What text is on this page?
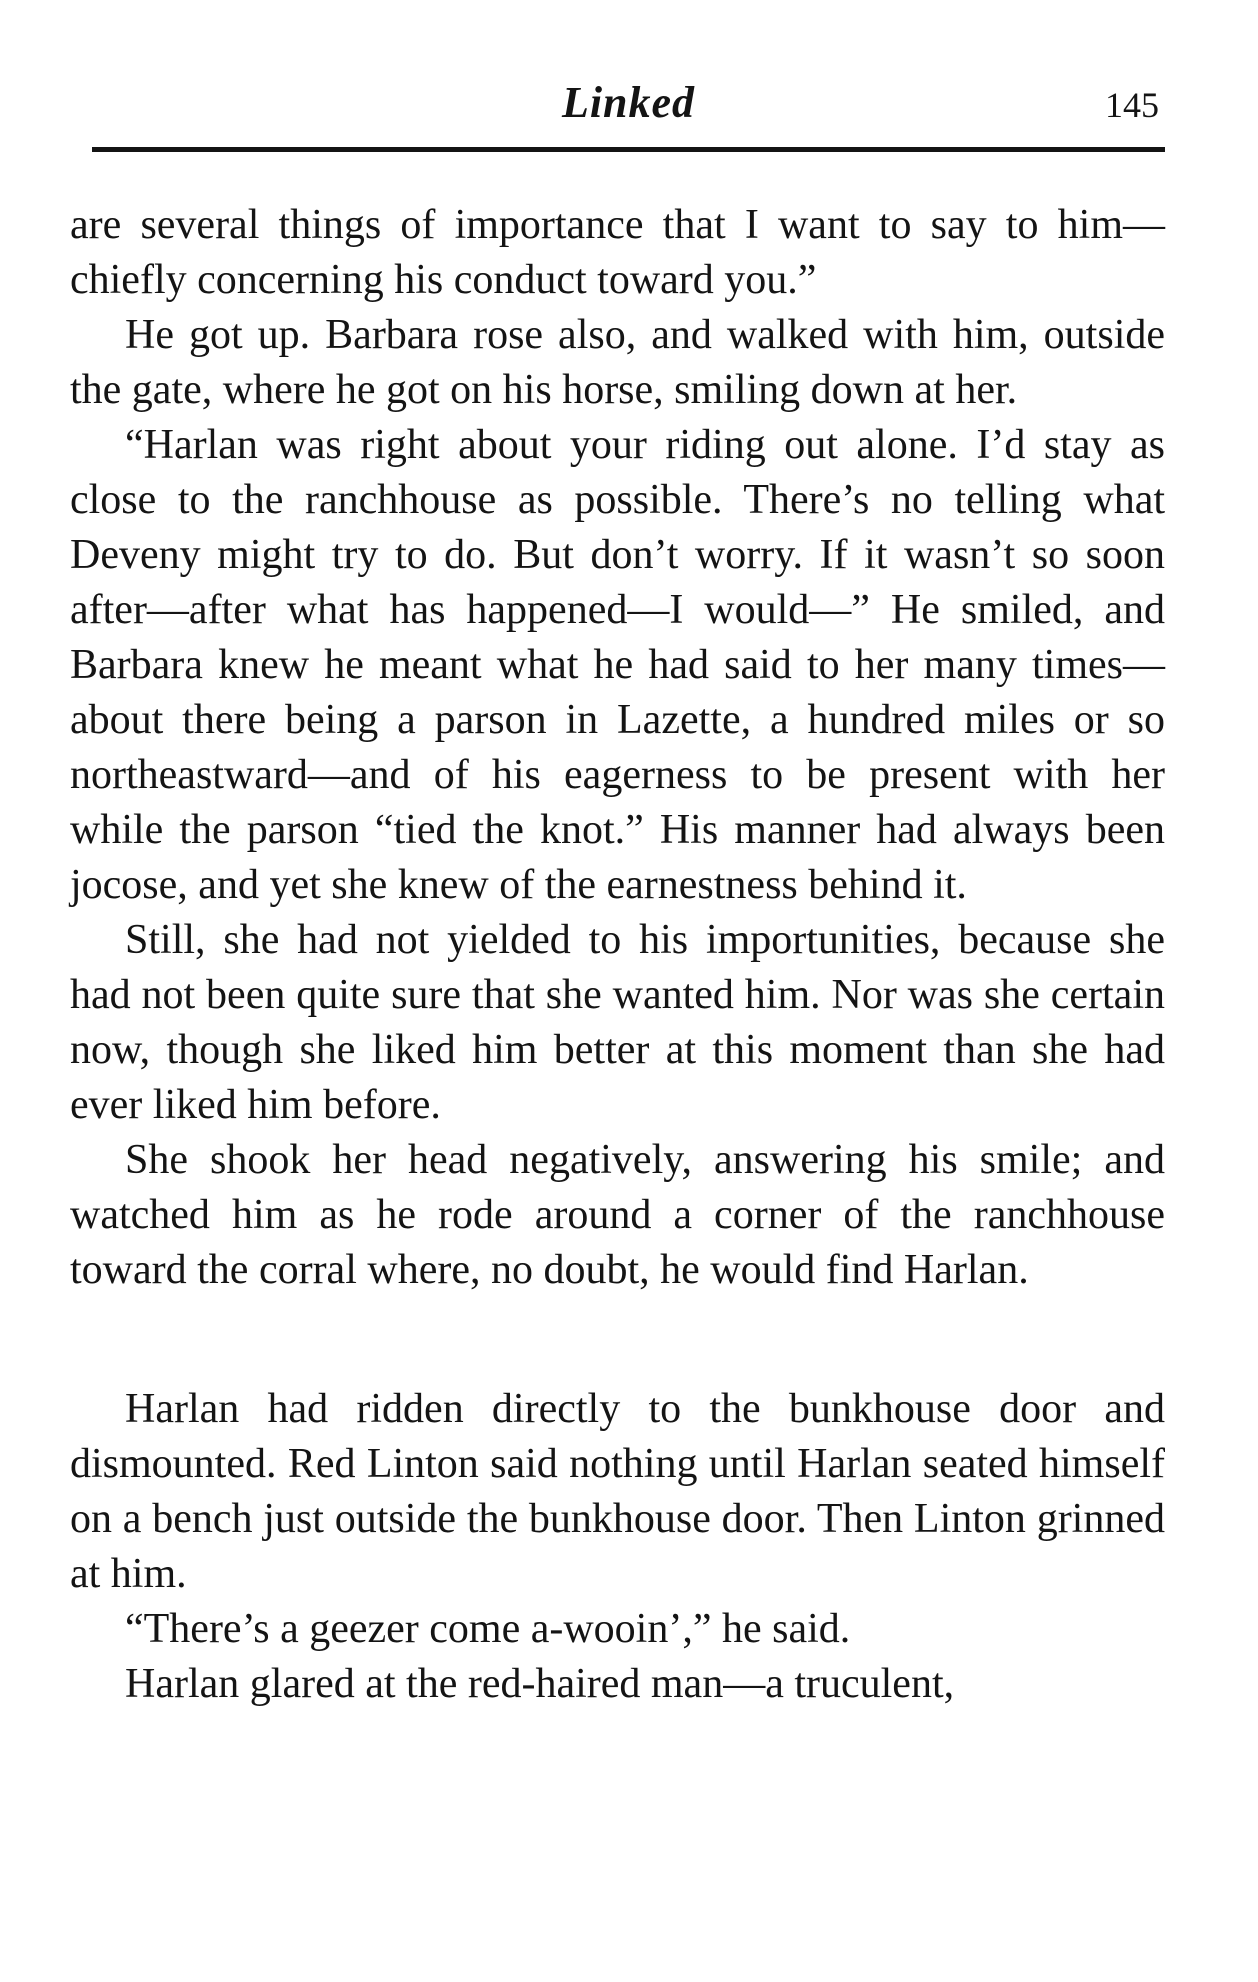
Linked	145

are several things of importance that I want to say to him—chiefly concerning his conduct toward you.”

He got up. Barbara rose also, and walked with him, outside the gate, where he got on his horse, smiling down at her.

“Harlan was right about your riding out alone. I’d stay as close to the ranchhouse as possible. There’s no telling what Deveny might try to do. But don’t worry. If it wasn’t so soon after—after what has happened—I would—” He smiled, and Barbara knew he meant what he had said to her many times—about there being a parson in Lazette, a hundred miles or so northeastward—and of his eagerness to be present with her while the parson “tied the knot.” His manner had always been jocose, and yet she knew of the earnestness behind it.

Still, she had not yielded to his importunities, because she had not been quite sure that she wanted him. Nor was she certain now, though she liked him better at this moment than she had ever liked him before.

She shook her head negatively, answering his smile; and watched him as he rode around a corner of the ranchhouse toward the corral where, no doubt, he would find Harlan.

Harlan had ridden directly to the bunkhouse door and dismounted. Red Linton said nothing until Harlan seated himself on a bench just outside the bunkhouse door. Then Linton grinned at him.

“There’s a geezer come a-wooin’,” he said.

Harlan glared at the red-haired man—a truculent,
